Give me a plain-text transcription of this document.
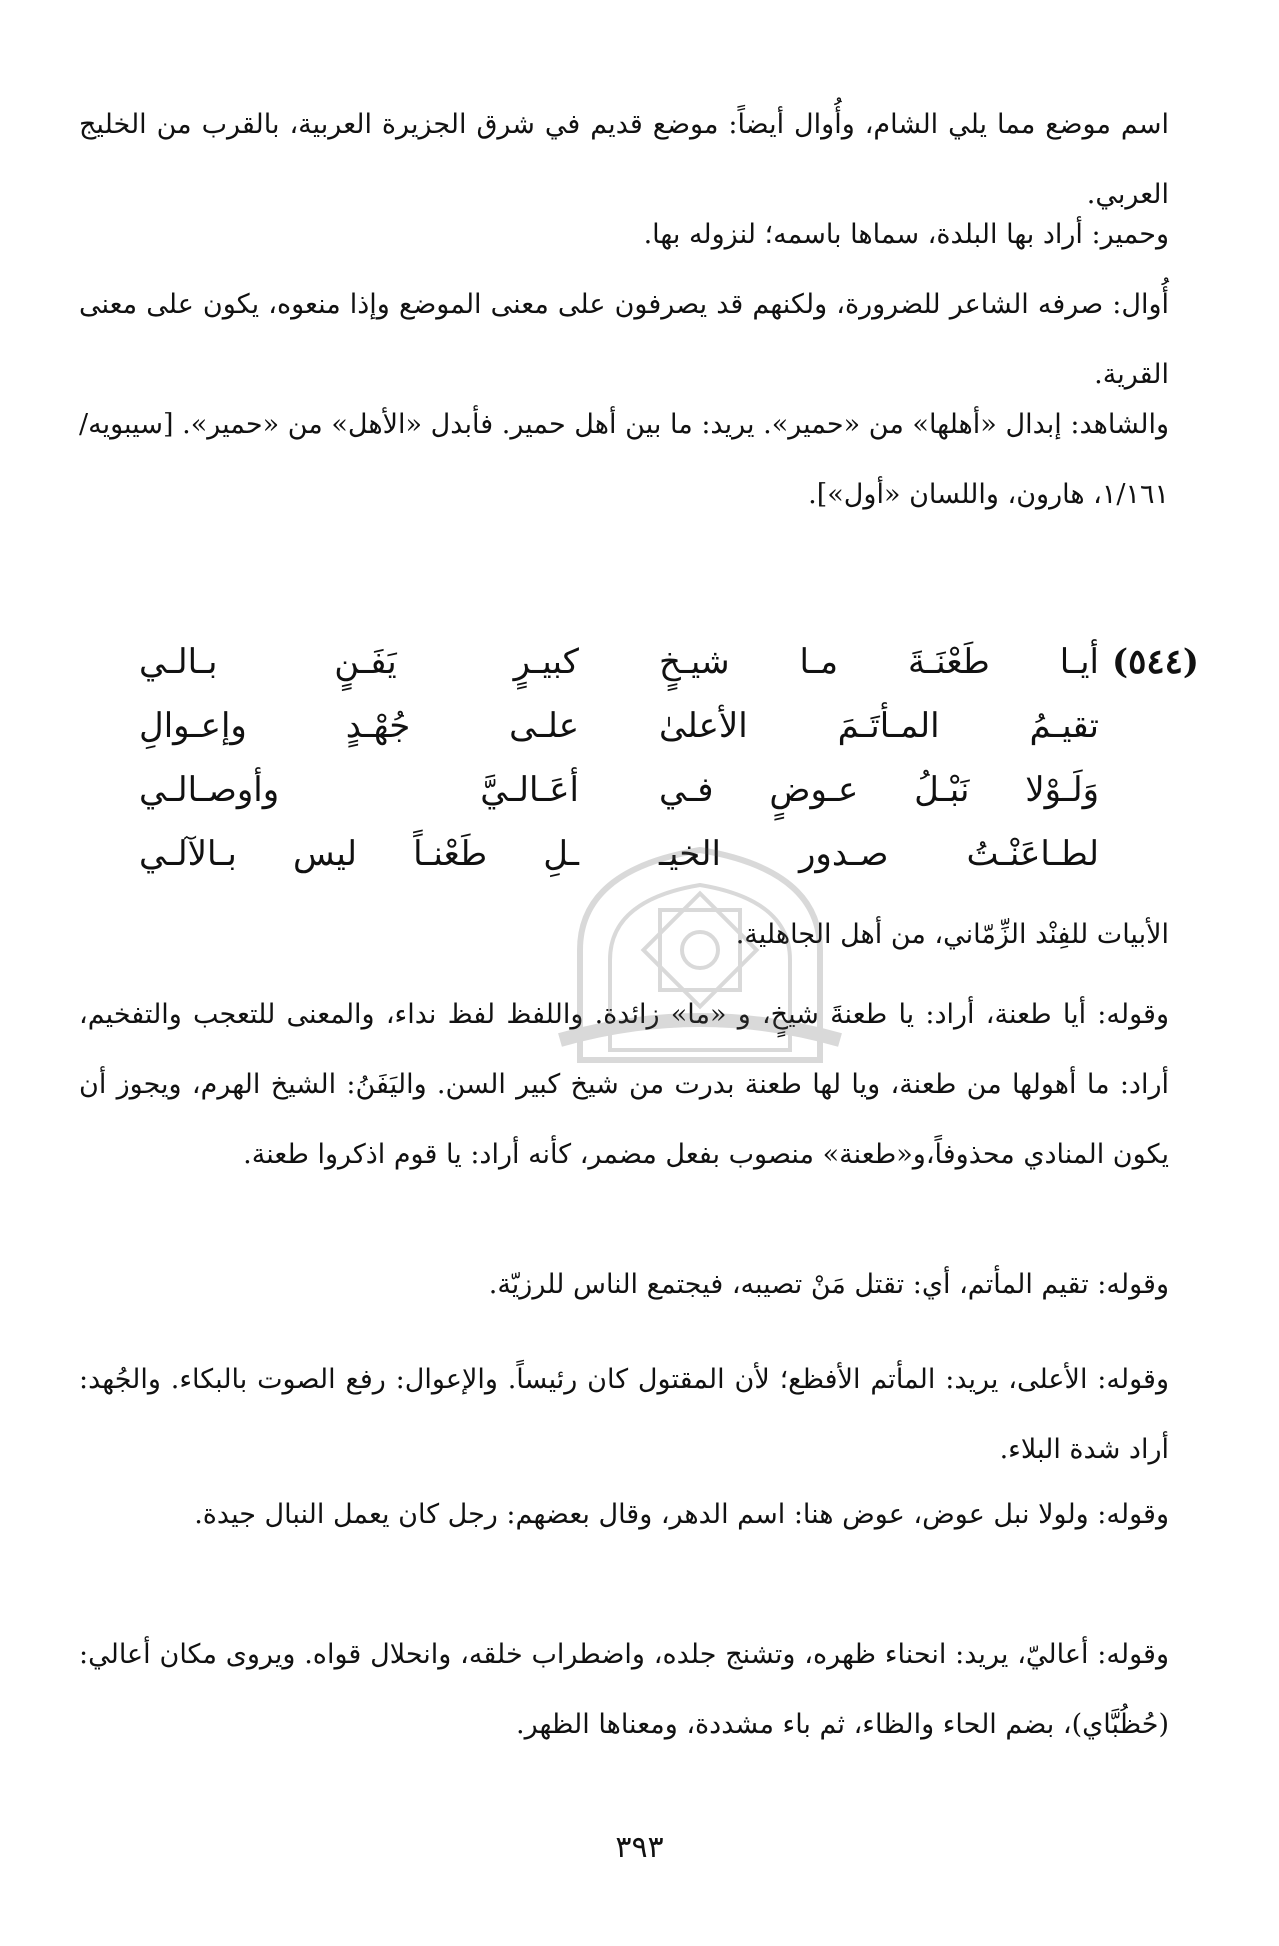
اسم موضع مما يلي الشام، وأُوال أيضاً: موضع قديم في شرق الجزيرة العربية، بالقرب من الخليج العربي.

وحمير: أراد بها البلدة، سماها باسمه؛ لنزوله بها.

أُوال: صرفه الشاعر للضرورة، ولكنهم قد يصرفون على معنى الموضع وإذا منعوه، يكون على معنى القرية.

والشاهد: إبدال «أهلها» من «حمير». يريد: ما بين أهل حمير. فأبدل «الأهل» من «حمير». [سيبويه/١/١٦١، هارون، واللسان «أول»].

(٥٤٤)
أيـا طَعْنَـةَ مـا شيـخٍ
كبيـرٍ يَفَـنٍ بـالـي
تقيـمُ المـأتَـمَ الأعلىٰ
علـى جُهْـدٍ وإعـوالِ
وَلَـوْلا نَبْـلُ عـوضٍ فـي
أعَـالـيَّ وأوصـالـي
لطـاعَنْـتُ صـدور الخيـ
ـلِ طَعْنـاً ليس بـالآلـي

الأبيات للفِنْد الزِّمّاني، من أهل الجاهلية.

وقوله: أيا طعنة، أراد: يا طعنةَ شيخٍ، و «ما» زائدة. واللفظ لفظ نداء، والمعنى للتعجب والتفخيم، أراد: ما أهولها من طعنة، ويا لها طعنة بدرت من شيخ كبير السن. واليَفَنُ: الشيخ الهرم، ويجوز أن يكون المنادي محذوفاً،و«طعنة» منصوب بفعل مضمر، كأنه أراد: يا قوم اذكروا طعنة.

وقوله: تقيم المأتم، أي: تقتل مَنْ تصيبه، فيجتمع الناس للرزيّة.

وقوله: الأعلى، يريد: المأتم الأفظع؛ لأن المقتول كان رئيساً. والإعوال: رفع الصوت بالبكاء. والجُهد: أراد شدة البلاء.

وقوله: ولولا نبل عوض، عوض هنا: اسم الدهر، وقال بعضهم: رجل كان يعمل النبال جيدة.

وقوله: أعاليّ، يريد: انحناء ظهره، وتشنج جلده، واضطراب خلقه، وانحلال قواه. ويروى مكان أعالي: (حُظُبَّاي)، بضم الحاء والظاء، ثم باء مشددة، ومعناها الظهر.

٣٩٣
